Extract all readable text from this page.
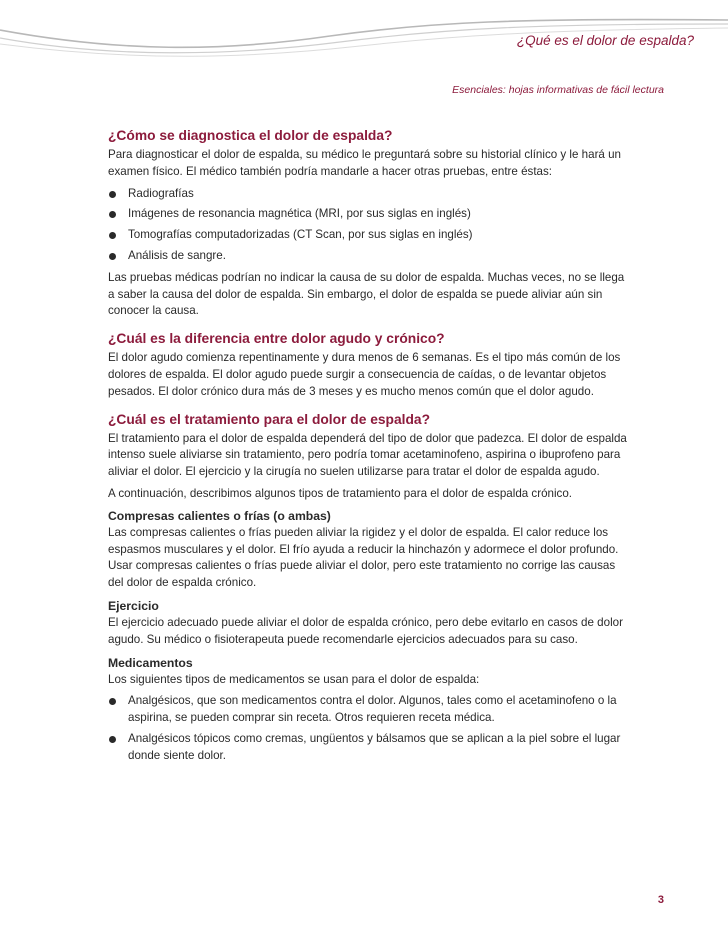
¿Qué es el dolor de espalda?
Esenciales: hojas informativas de fácil lectura
¿Cómo se diagnostica el dolor de espalda?

Para diagnosticar el dolor de espalda, su médico le preguntará sobre su historial clínico y le hará un examen físico. El médico también podría mandarle a hacer otras pruebas, entre éstas:

Radiografías
Imágenes de resonancia magnética (MRI, por sus siglas en inglés)
Tomografías computadorizadas (CT Scan, por sus siglas en inglés)
Análisis de sangre.

Las pruebas médicas podrían no indicar la causa de su dolor de espalda. Muchas veces, no se llega a saber la causa del dolor de espalda. Sin embargo, el dolor de espalda se puede aliviar aún sin conocer la causa.

¿Cuál es la diferencia entre dolor agudo y crónico?

El dolor agudo comienza repentinamente y dura menos de 6 semanas. Es el tipo más común de los dolores de espalda. El dolor agudo puede surgir a consecuencia de caídas, o de levantar objetos pesados. El dolor crónico dura más de 3 meses y es mucho menos común que el dolor agudo.

¿Cuál es el tratamiento para el dolor de espalda?

El tratamiento para el dolor de espalda dependerá del tipo de dolor que padezca. El dolor de espalda intenso suele aliviarse sin tratamiento, pero podría tomar acetaminofeno, aspirina o ibuprofeno para aliviar el dolor. El ejercicio y la cirugía no suelen utilizarse para tratar el dolor de espalda agudo.

A continuación, describimos algunos tipos de tratamiento para el dolor de espalda crónico.

Compresas calientes o frías (o ambas)

Las compresas calientes o frías pueden aliviar la rigidez y el dolor de espalda. El calor reduce los espasmos musculares y el dolor. El frío ayuda a reducir la hinchazón y adormece el dolor profundo. Usar compresas calientes o frías puede aliviar el dolor, pero este tratamiento no corrige las causas del dolor de espalda crónico.

Ejercicio

El ejercicio adecuado puede aliviar el dolor de espalda crónico, pero debe evitarlo en casos de dolor agudo. Su médico o fisioterapeuta puede recomendarle ejercicios adecuados para su caso.

Medicamentos

Los siguientes tipos de medicamentos se usan para el dolor de espalda:

Analgésicos, que son medicamentos contra el dolor. Algunos, tales como el acetaminofeno o la aspirina, se pueden comprar sin receta. Otros requieren receta médica.
Analgésicos tópicos como cremas, ungüentos y bálsamos que se aplican a la piel sobre el lugar donde siente dolor.
3
